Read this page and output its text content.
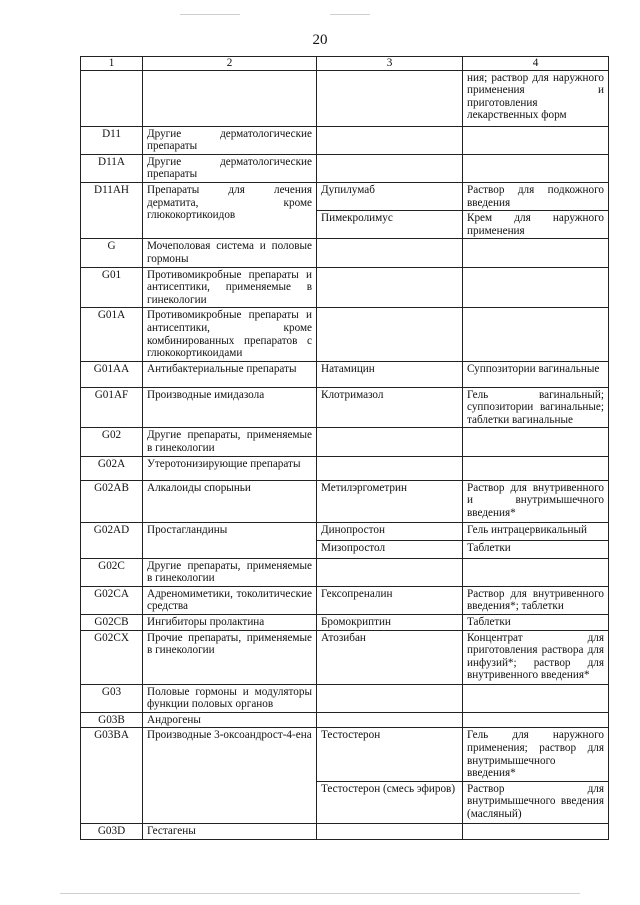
20
1	2	3	4
			ния; раствор для наружного применения и приготовления лекарственных форм
D11	Другие дерматологические препараты		
D11A	Другие дерматологические препараты		
D11AH	Препараты для лечения дерматита, кроме глюкокортикоидов	Дупилумаб	Раствор для подкожного введения
		Пимекролимус	Крем для наружного применения
G	Мочеполовая система и половые гормоны		
G01	Противомикробные препараты и антисептики, применяемые в гинекологии		
G01A	Противомикробные препараты и антисептики, кроме комбинированных препаратов с глюкокортикоидами		
G01AA	Антибактериальные препараты	Натамицин	Суппозитории вагинальные
G01AF	Производные имидазола	Клотримазол	Гель вагинальный; суппозитории вагинальные; таблетки вагинальные
G02	Другие препараты, применяемые в гинекологии		
G02A	Утеротонизирующие препараты		
G02AB	Алкалоиды спорыньи	Метилэргометрин	Раствор для внутривенного и внутримышечного введения*
G02AD	Простагландины	Динопростон	Гель интрацервикальный
		Мизопростол	Таблетки
G02C	Другие препараты, применяемые в гинекологии		
G02CA	Адреномиметики, токолитические средства	Гексопреналин	Раствор для внутривенного введения*; таблетки
G02CB	Ингибиторы пролактина	Бромокриптин	Таблетки
G02CX	Прочие препараты, применяемые в гинекологии	Атозибан	Концентрат для приготовления раствора для инфузий*; раствор для внутривенного введения*
G03	Половые гормоны и модуляторы функции половых органов		
G03B	Андрогены		
G03BA	Производные 3-оксоандрост-4-ена	Тестостерон	Гель для наружного применения; раствор для внутримышечного введения*
		Тестостерон (смесь эфиров)	Раствор для внутримышечного введения (масляный)
G03D	Гестагены		
